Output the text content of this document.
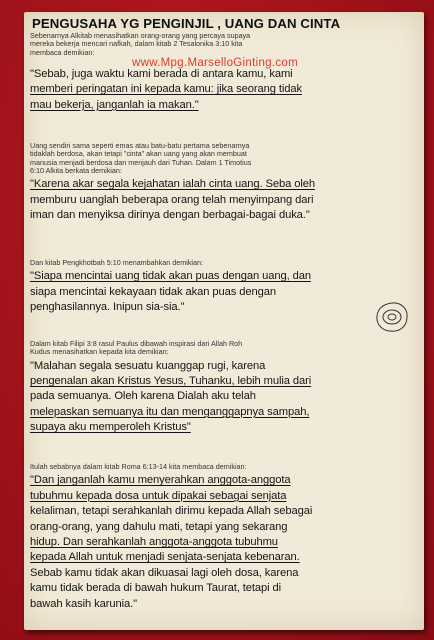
PENGUSAHA YG PENGINJIL , UANG DAN CINTA
www.Mpg.MarselloGinting.com
Sebenarnya Alkitab menasihatkan orang-orang yang percaya supaya
mereka bekerja mencari nafkah, dalam kitab 2 Tesalonika 3:10 kita
membaca demikian:
"Sebab, juga waktu kami berada di antara kamu, kami
memberi peringatan ini kepada kamu: jika seorang tidak
mau bekerja, janganlah ia makan."
Uang sendiri sama seperti emas atau batu-batu pertama sebenarnya
tidaklah berdosa, akan tetapi "cinta" akan uang yang akan membuat
manusia menjadi berdosa dan menjauh dari Tuhan. Dalam 1 Timotius
6:10 Alkita berkata demikian:
"Karena akar segala kejahatan ialah cinta uang. Seba oleh
memburu uanglah beberapa orang telah menyimpang dari
iman dan menyiksa dirinya dengan berbagai-bagai duka."
Dan kitab Pengkhotbah 5:10 menambahkan demikian:
"Siapa mencintai uang tidak akan puas dengan uang, dan
siapa mencintai kekayaan tidak akan puas dengan
penghasilannya. Inipun sia-sia."
Dalam kitab Filipi 3:8 rasul Paulus dibawah inspirasi dari Allah Roh
Kudus menasihatkan kepada kita demikian:
"Malahan segala sesuatu kuanggap rugi, karena
pengenalan akan Kristus Yesus, Tuhanku, lebih mulia dari
pada semuanya. Oleh karena Dialah aku telah
melepaskan semuanya itu dan menganggapnya sampah,
supaya aku memperoleh Kristus"
Itulah sebabnya dalam kitab Roma 6:13-14 kita membaca demikian:
"Dan janganlah kamu menyerahkan anggota-anggota
tubuhmu kepada dosa untuk dipakai sebagai senjata
kelaliman, tetapi serahkanlah dirimu kepada Allah sebagai
orang-orang, yang dahulu mati, tetapi yang sekarang
hidup. Dan serahkanlah anggota-anggota tubuhmu
kepada Allah untuk menjadi senjata-senjata kebenaran.
Sebab kamu tidak akan dikuasai lagi oleh dosa, karena
kamu tidak berada di bawah hukum Taurat, tetapi di
bawah kasih karunia."
